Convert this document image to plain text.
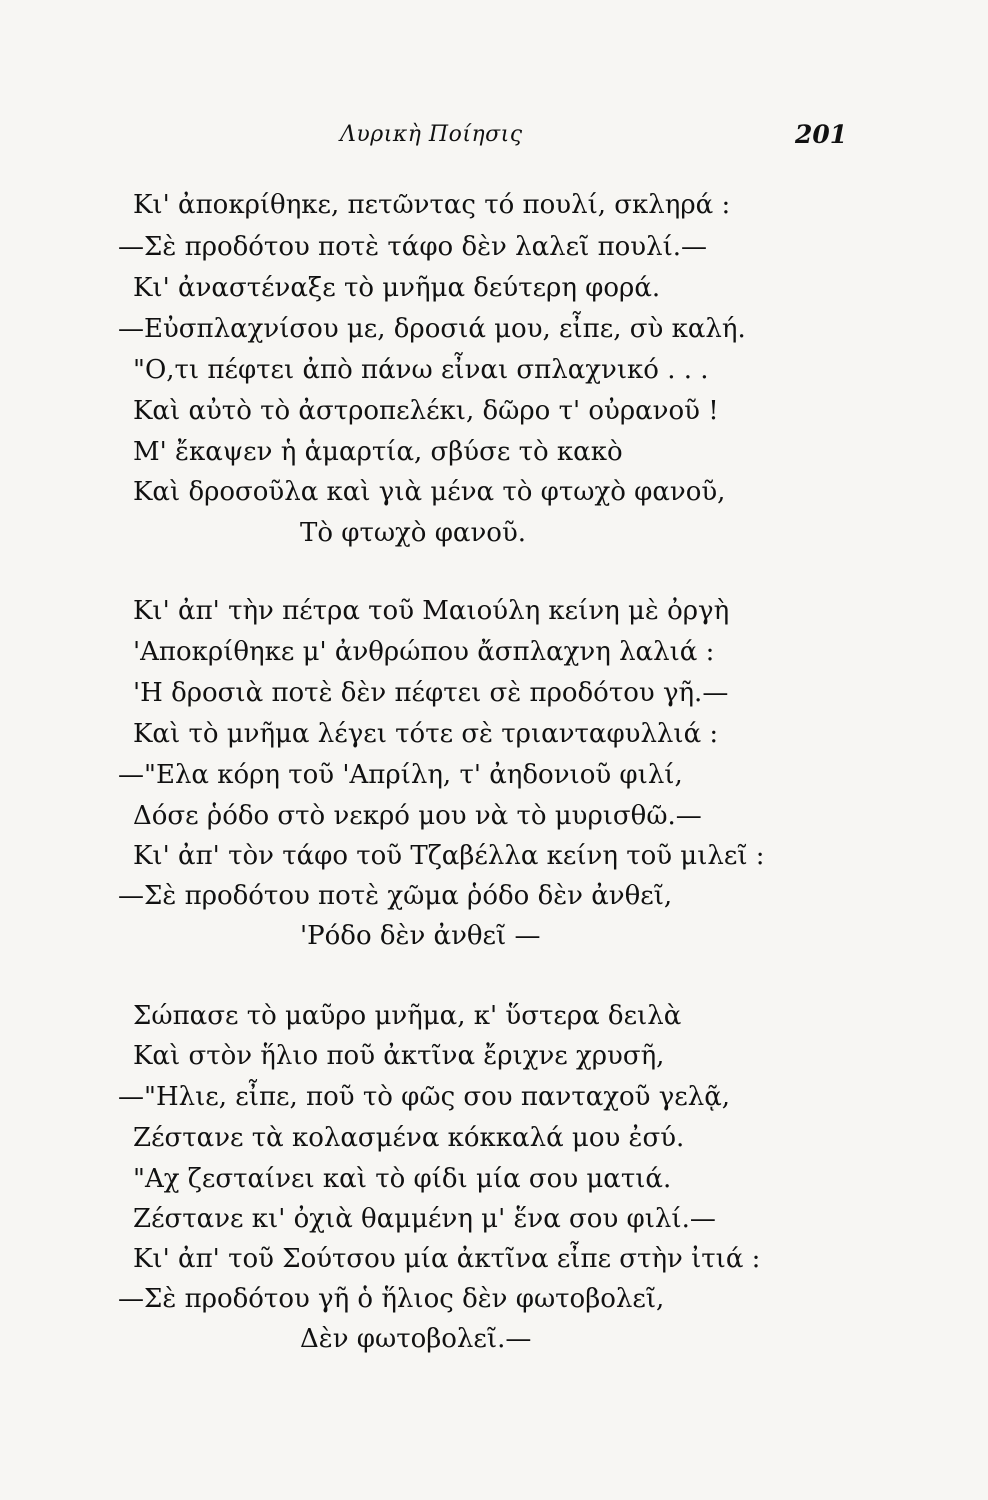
Λυρικὴ Ποίησις	201
Κι' ἀποκρίθηκε, πετῶντας τό πουλί, σκληρά :
—Σὲ προδότου ποτὲ τάφο δὲν λαλεῖ πουλί.—
Κι' ἀναστέναξε τὸ μνῆμα δεύτερη φορά.
—Εὐσπλαχνίσου με, δροσιά μου, εἶπε, σὺ καλή.
"Ο,τι πέφτει ἀπὸ πάνω εἶναι σπλαχνικό . . .
Καὶ αὐτὸ τὸ ἀστροπελέκι, δῶρο τ' οὐρανοῦ !
Μ' ἔκαψεν ἡ ἁμαρτία, σβύσε τὸ κακὸ
Καὶ δροσοῦλα καὶ γιὰ μένα τὸ φτωχὸ φανοῦ,
Τὸ φτωχὸ φανοῦ.
Κι' ἀπ' τὴν πέτρα τοῦ Μαιούλη κείνη μὲ ὀργὴ
'Αποκρίθηκε μ' ἀνθρώπου ἄσπλαχνη λαλιά :
'Η δροσιὰ ποτὲ δὲν πέφτει σὲ προδότου γῆ.—
Καὶ τὸ μνῆμα λέγει τότε σὲ τριανταφυλλιά :
—"Ελα κόρη τοῦ 'Απρίλη, τ' ἀηδονιοῦ φιλί,
Δόσε ῥόδο στὸ νεκρό μου νὰ τὸ μυρισθῶ.—
Κι' ἀπ' τὸν τάφο τοῦ Τζαβέλλα κείνη τοῦ μιλεῖ :
—Σὲ προδότου ποτὲ χῶμα ῥόδο δὲν ἀνθεῖ,
'Ρόδο δὲν ἀνθεῖ —
Σώπασε τὸ μαῦρο μνῆμα, κ' ὕστερα δειλὰ
Καὶ στὸν ἥλιο ποῦ ἀκτῖνα ἔριχνε χρυσῆ,
—"Ηλιε, εἶπε, ποῦ τὸ φῶς σου πανταχοῦ γελᾷ,
Ζέστανε τὰ κολασμένα κόκκαλά μου ἐσύ.
"Αχ ζεσταίνει καὶ τὸ φίδι μία σου ματιά.
Ζέστανε κι' ὀχιὰ θαμμένη μ' ἕνα σου φιλί.—
Κι' ἀπ' τοῦ Σούτσου μία ἀκτῖνα εἶπε στὴν ἰτιά :
—Σὲ προδότου γῆ ὁ ἥλιος δὲν φωτοβολεῖ,
Δὲν φωτοβολεῖ.—
